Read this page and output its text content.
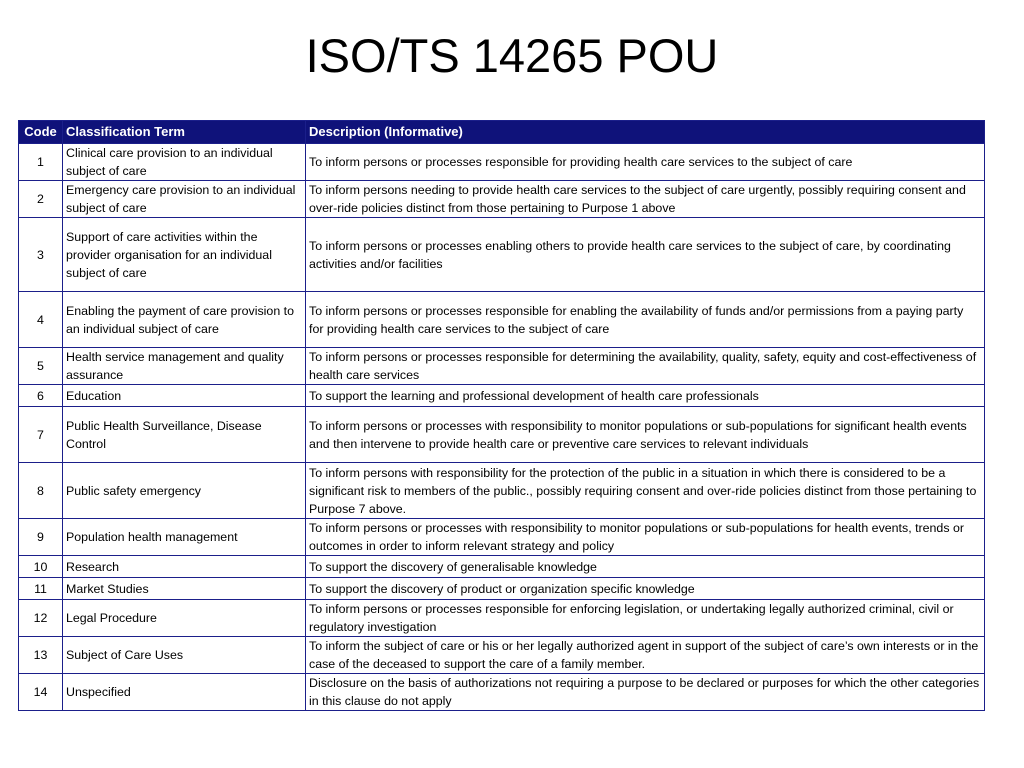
ISO/TS 14265 POU
Code	Classification Term	Description (Informative)
1	Clinical care provision to an individual subject of care	To inform persons or processes responsible for providing health care services to the subject of care
2	Emergency care provision to an individual subject of care	To inform persons needing to provide health care services to the subject of care urgently, possibly requiring consent and over-ride policies distinct from those pertaining to Purpose 1 above
3	Support of care activities within the provider organisation for an individual subject of care	To inform persons or processes enabling others to provide health care services to the subject of care, by coordinating activities and/or facilities
4	Enabling the payment of care provision to an individual subject of care	To inform persons or processes responsible for enabling the availability of funds and/or permissions from a paying party for providing health care services to the subject of care
5	Health service management and quality assurance	To inform persons or processes responsible for determining the availability, quality, safety, equity and cost-effectiveness of health care services
6	Education	To support the learning and professional development of health care professionals
7	Public Health Surveillance, Disease Control	To inform persons or processes with responsibility to monitor populations or sub-populations for significant health events and then intervene to provide health care or preventive care services to relevant individuals
8	Public safety emergency	To inform persons with responsibility for the protection of the public in a situation in which there is considered to be a significant risk to members of the public., possibly requiring consent and over-ride policies distinct from those pertaining to Purpose 7 above.
9	Population health management	To inform persons or processes with responsibility to monitor populations or sub-populations for health events, trends or outcomes in order to inform relevant strategy and policy
10	Research	To support the discovery of generalisable knowledge
11	Market Studies	To support the discovery of product or organization specific knowledge
12	Legal Procedure	To inform persons or processes responsible for enforcing legislation, or undertaking legally authorized criminal, civil or regulatory investigation
13	Subject of Care Uses	To inform the subject of care or his or her legally authorized agent in support of the subject of care’s own interests or in the case of the deceased to support the care of a family member.
14	Unspecified	Disclosure on the basis of authorizations not requiring a purpose to be declared or purposes for which the other categories in this clause do not apply
